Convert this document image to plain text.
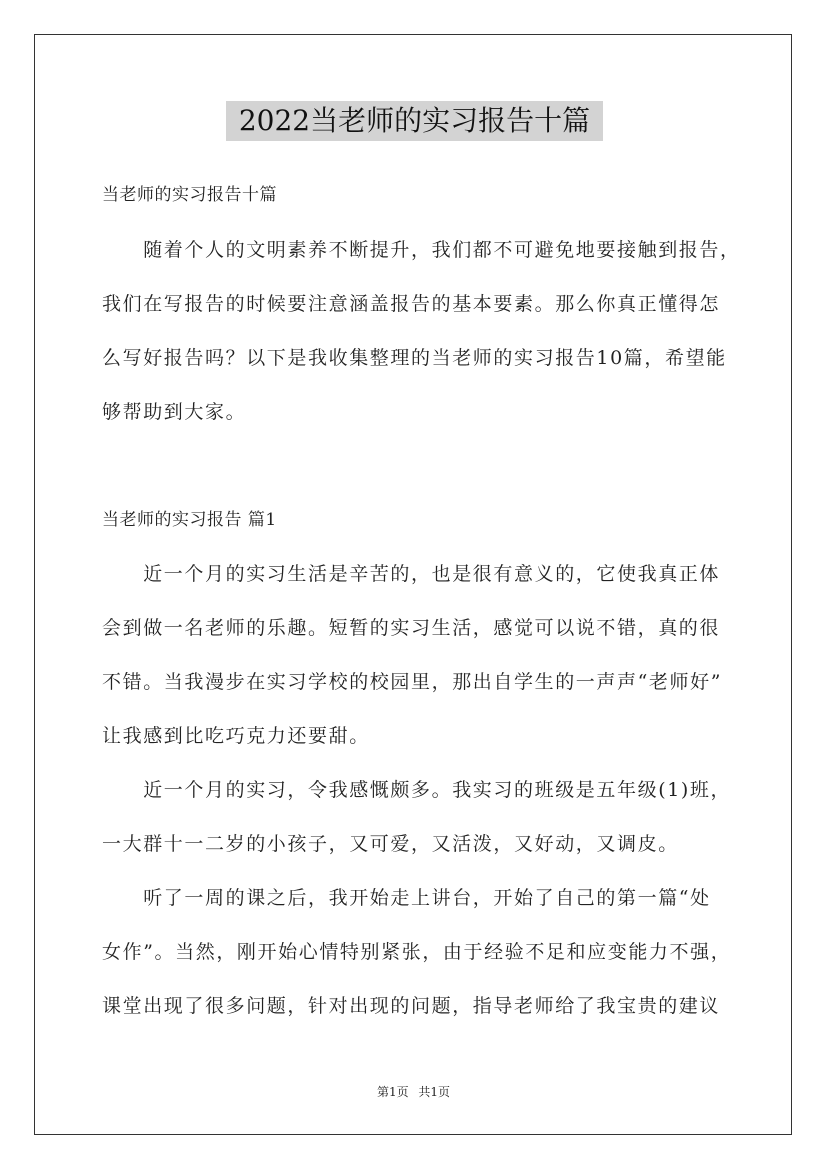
2022当老师的实习报告十篇
当老师的实习报告十篇
　　随着个人的文明素养不断提升，我们都不可避免地要接触到报告，
我们在写报告的时候要注意涵盖报告的基本要素。那么你真正懂得怎
么写好报告吗？以下是我收集整理的当老师的实习报告10篇，希望能
够帮助到大家。
当老师的实习报告 篇1
　　近一个月的实习生活是辛苦的，也是很有意义的，它使我真正体
会到做一名老师的乐趣。短暂的实习生活，感觉可以说不错，真的很
不错。当我漫步在实习学校的校园里，那出自学生的一声声“老师好”
让我感到比吃巧克力还要甜。
　　近一个月的实习，令我感慨颇多。我实习的班级是五年级(1)班，
一大群十一二岁的小孩子，又可爱，又活泼，又好动，又调皮。
　　听了一周的课之后，我开始走上讲台，开始了自己的第一篇“处
女作”。当然，刚开始心情特别紧张，由于经验不足和应变能力不强，
课堂出现了很多问题，针对出现的问题，指导老师给了我宝贵的建议
第1页 共1页
